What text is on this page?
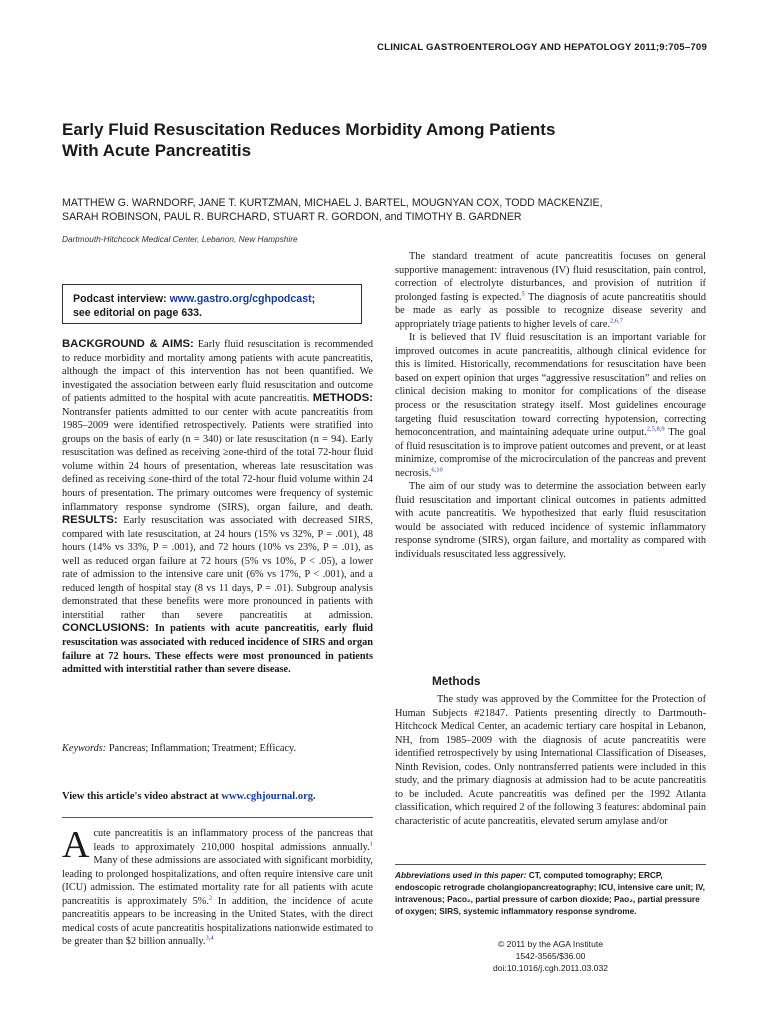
CLINICAL GASTROENTEROLOGY AND HEPATOLOGY 2011;9:705–709
Early Fluid Resuscitation Reduces Morbidity Among Patients
With Acute Pancreatitis
MATTHEW G. WARNDORF, JANE T. KURTZMAN, MICHAEL J. BARTEL, MOUGNYAN COX, TODD MACKENZIE,
SARAH ROBINSON, PAUL R. BURCHARD, STUART R. GORDON, and TIMOTHY B. GARDNER
Dartmouth-Hitchcock Medical Center, Lebanon, New Hampshire
Podcast interview: www.gastro.org/cghpodcast;
see editorial on page 633.
BACKGROUND & AIMS: Early fluid resuscitation is recommended to reduce morbidity and mortality among patients with acute pancreatitis, although the impact of this intervention has not been quantified. We investigated the association between early fluid resuscitation and outcome of patients admitted to the hospital with acute pancreatitis. METHODS: Nontransfer patients admitted to our center with acute pancreatitis from 1985–2009 were identified retrospectively. Patients were stratified into groups on the basis of early (n = 340) or late resuscitation (n = 94). Early resuscitation was defined as receiving ≥one-third of the total 72-hour fluid volume within 24 hours of presentation, whereas late resuscitation was defined as receiving ≤one-third of the total 72-hour fluid volume within 24 hours of presentation. The primary outcomes were frequency of systemic inflammatory response syndrome (SIRS), organ failure, and death. RESULTS: Early resuscitation was associated with decreased SIRS, compared with late resuscitation, at 24 hours (15% vs 32%, P = .001), 48 hours (14% vs 33%, P = .001), and 72 hours (10% vs 23%, P = .01), as well as reduced organ failure at 72 hours (5% vs 10%, P < .05), a lower rate of admission to the intensive care unit (6% vs 17%, P < .001), and a reduced length of hospital stay (8 vs 11 days, P = .01). Subgroup analysis demonstrated that these benefits were more pronounced in patients with interstitial rather than severe pancreatitis at admission. CONCLUSIONS: In patients with acute pancreatitis, early fluid resuscitation was associated with reduced incidence of SIRS and organ failure at 72 hours. These effects were most pronounced in patients admitted with interstitial rather than severe disease.
Keywords: Pancreas; Inflammation; Treatment; Efficacy.
View this article's video abstract at www.cghjournal.org.
A cute pancreatitis is an inflammatory process of the pancreas that leads to approximately 210,000 hospital admissions annually.$^1$ Many of these admissions are associated with significant morbidity, leading to prolonged hospitalizations, and often require intensive care unit (ICU) admission. The estimated mortality rate for all patients with acute pancreatitis is approximately 5%.$^2$ In addition, the incidence of acute pancreatitis appears to be increasing in the United States, with the direct medical costs of acute pancreatitis hospitalizations nationwide estimated to be greater than $2 billion annually.$^{3,4}$

The standard treatment of acute pancreatitis focuses on general supportive management: intravenous (IV) fluid resuscitation, pain control, correction of electrolyte disturbances, and provision of nutrition if prolonged fasting is expected.$^5$ The diagnosis of acute pancreatitis should be made as early as possible to recognize disease severity and appropriately triage patients to higher levels of care.$^{2,6,7}$

It is believed that IV fluid resuscitation is an important variable for improved outcomes in acute pancreatitis, although clinical evidence for this is limited. Historically, recommendations for resuscitation have been based on expert opinion that urges “aggressive resuscitation” and relies on clinical decision making to monitor for complications of the disease process or the resuscitation strategy itself. Most guidelines encourage targeting fluid resuscitation toward correcting hypotension, correcting hemoconcentration, and maintaining adequate urine output.$^{2,5,8,9}$ The goal of fluid resuscitation is to improve patient outcomes and prevent, or at least minimize, compromise of the microcirculation of the pancreas and prevent necrosis.$^{6,10}$

The aim of our study was to determine the association between early fluid resuscitation and important clinical outcomes in patients admitted with acute pancreatitis. We hypothesized that early fluid resuscitation would be associated with reduced incidence of systemic inflammatory response syndrome (SIRS), organ failure, and mortality as compared with individuals resuscitated less aggressively.

Methods
The study was approved by the Committee for the Protection of Human Subjects #21847. Patients presenting directly to Dartmouth-Hitchcock Medical Center, an academic tertiary care hospital in Lebanon, NH, from 1985–2009 with the diagnosis of acute pancreatitis were identified retrospectively by using International Classification of Diseases, Ninth Revision, codes. Only nontransferred patients were included in this study, and the primary diagnosis at admission had to be acute pancreatitis to be included. Acute pancreatitis was defined per the 1992 Atlanta classification, which required 2 of the following 3 features: abdominal pain characteristic of acute pancreatitis, elevated serum amylase and/or
Abbreviations used in this paper: CT, computed tomography; ERCP, endoscopic retrograde cholangiopancreatography; ICU, intensive care unit; IV, intravenous; Paco₂, partial pressure of carbon dioxide; Pao₂, partial pressure of oxygen; SIRS, systemic inflammatory response syndrome.
© 2011 by the AGA Institute
1542-3565/$36.00
doi:10.1016/j.cgh.2011.03.032
